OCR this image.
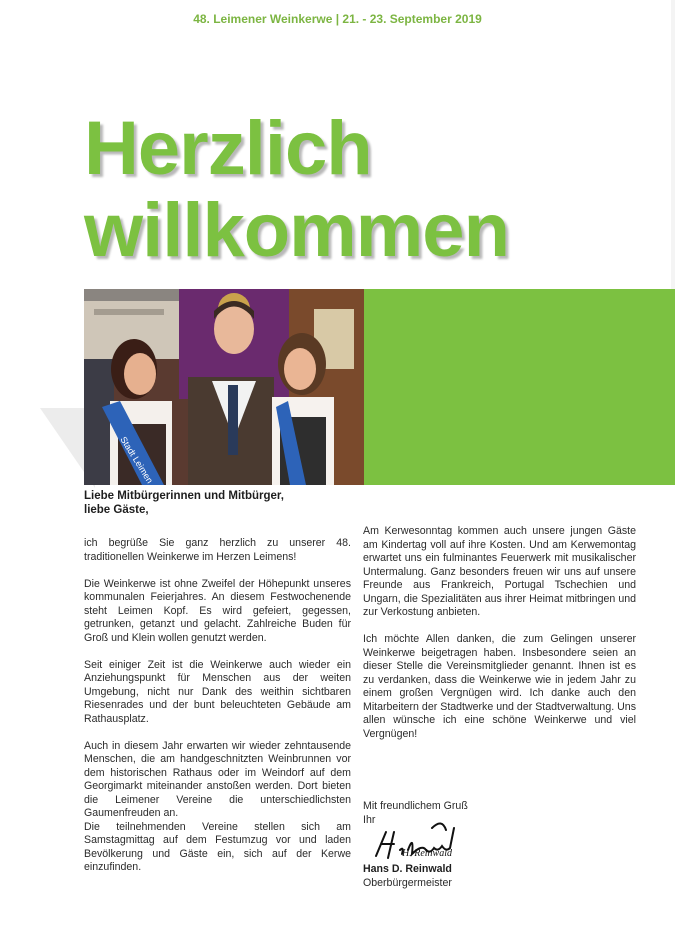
48. Leimener Weinkerwe | 21. - 23. September 2019
Herzlich
willkommen
Stadt Leimen
Liebe Mitbürgerinnen und Mitbürger,
liebe Gäste,

ich begrüße Sie ganz herzlich zu unserer 48. traditionellen Weinkerwe im Herzen Leimens!

Die Weinkerwe ist ohne Zweifel der Höhepunkt unseres kommunalen Feierjahres. An diesem Festwochenende steht Leimen Kopf. Es wird gefeiert, gegessen, getrunken, getanzt und gelacht. Zahlreiche Buden für Groß und Klein wollen genutzt werden.

Seit einiger Zeit ist die Weinkerwe auch wieder ein Anziehungspunkt für Menschen aus der weiten Umgebung, nicht nur Dank des weithin sichtbaren Riesenrades und der bunt beleuchteten Gebäude am Rathausplatz.

Auch in diesem Jahr erwarten wir wieder zehntausende Menschen, die am handgeschnitzten Weinbrunnen vor dem historischen Rathaus oder im Weindorf auf dem Georgimarkt miteinander anstoßen werden. Dort bieten die Leimener Vereine die unterschiedlichsten Gaumenfreuden an.

Die teilnehmenden Vereine stellen sich am Samstagmittag auf dem Festumzug vor und laden Bevölkerung und Gäste ein, sich auf der Kerwe einzufinden.

Am Kerwesonntag kommen auch unsere jungen Gäste am Kindertag voll auf ihre Kosten. Und am Kerwemontag erwartet uns ein fulminantes Feuerwerk mit musikalischer Untermalung. Ganz besonders freuen wir uns auf unsere Freunde aus Frankreich, Portugal Tschechien und Ungarn, die Spezialitäten aus ihrer Heimat mitbringen und zur Verkostung anbieten.

Ich möchte Allen danken, die zum Gelingen unserer Weinkerwe beigetragen haben. Insbesondere seien an dieser Stelle die Vereinsmitglieder genannt. Ihnen ist es zu verdanken, dass die Weinkerwe wie in jedem Jahr zu einem großen Vergnügen wird. Ich danke auch den Mitarbeitern der Stadtwerke und der Stadtverwaltung. Uns allen wünsche ich eine schöne Weinkerwe und viel Vergnügen!

Mit freundlichem Gruß
Ihr
H. Reinwald
Hans D. Reinwald
Oberbürgermeister
